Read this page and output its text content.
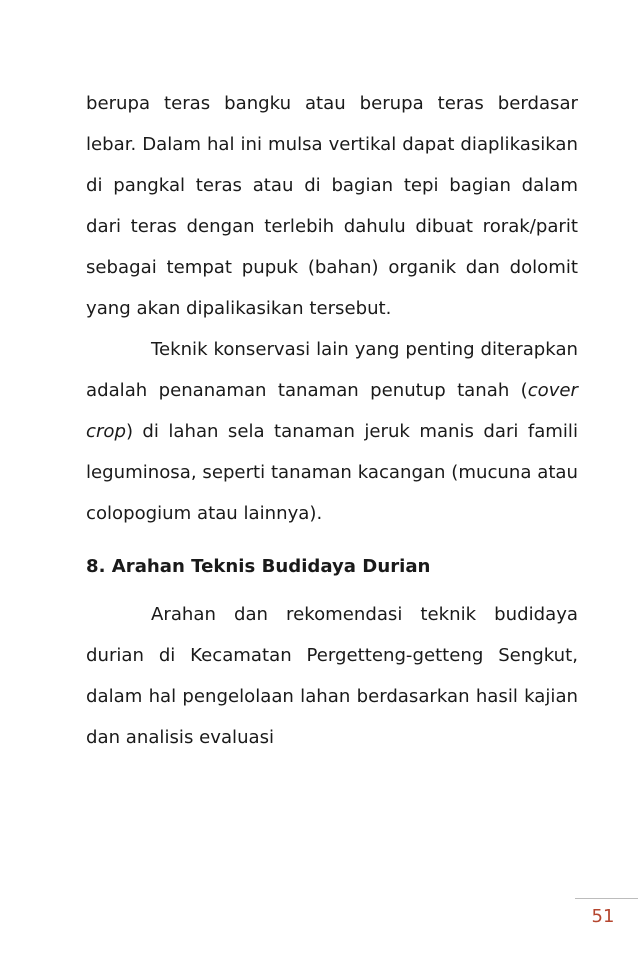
berupa teras bangku atau berupa teras berdasar lebar. Dalam hal ini mulsa vertikal dapat diaplikasikan di pangkal teras atau di bagian tepi bagian dalam dari teras dengan terlebih dahulu dibuat rorak/parit sebagai tempat pupuk (bahan) organik dan dolomit yang akan dipalikasikan tersebut.

Teknik konservasi lain yang penting diterapkan adalah penanaman tanaman penutup tanah (cover crop) di lahan sela tanaman jeruk manis dari famili leguminosa, seperti tanaman kacangan (mucuna atau colopogium atau lainnya).

8. Arahan Teknis Budidaya Durian

Arahan dan rekomendasi teknik budidaya durian di Kecamatan Pergetteng-getteng Sengkut, dalam hal pengelolaan lahan berdasarkan hasil kajian dan analisis evaluasi

51
